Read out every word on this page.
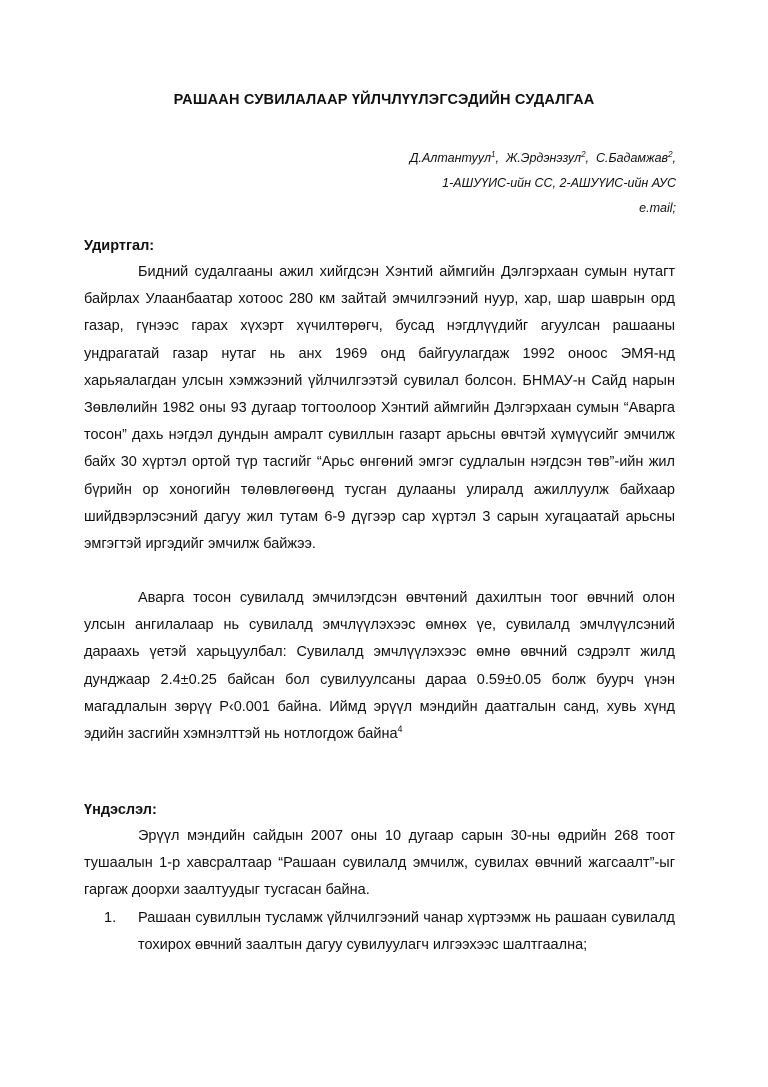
РАШААН СУВИЛАЛААР ҮЙЛЧЛҮҮЛЭГСЭДИЙН СУДАЛГАА
Д.Алтантуул$^1$,  Ж.Эрдэнэзул$^2$,  С.Бадамжав$^2$,
1-АШУҮИС-ийн СС, 2-АШУҮИС-ийн АУС
e.mail;
Удиртгал:

Бидний судалгааны ажил хийгдсэн Хэнтий аймгийн Дэлгэрхаан сумын нутагт байрлах Улаанбаатар хотоос 280 км зайтай эмчилгээний нуур, хар, шар шаврын орд газар, гүнээс гарах хүхэрт хүчилтөрөгч, бусад нэгдлүүдийг агуулсан рашааны ундрагатай газар нутаг нь анх 1969 онд байгуулагдаж 1992 оноос ЭМЯ-нд харьяалагдан улсын хэмжээний үйлчилгээтэй сувилал болсон. БНМАУ-н Сайд нарын Зөвлөлийн 1982 оны 93 дугаар тогтоолоор Хэнтий аймгийн Дэлгэрхаан сумын “Аварга тосон” дахь нэгдэл дундын амралт сувиллын газарт арьсны өвчтэй хүмүүсийг эмчилж байх 30 хүртэл ортой түр тасгийг “Арьс өнгөний эмгэг судлалын нэгдсэн төв”-ийн жил бүрийн ор хоногийн төлөвлөгөөнд тусган дулааны улиралд ажиллуулж байхаар шийдвэрлэсэний дагуу жил тутам 6-9 дүгээр сар хүртэл 3 сарын хугацаатай арьсны эмгэгтэй иргэдийг эмчилж байжээ.

Аварга тосон сувилалд эмчилэгдсэн өвчтөний дахилтын тоог өвчний олон улсын ангилалаар нь сувилалд эмчлүүлэхээс өмнөх үе, сувилалд эмчлүүлсэний дараахь үетэй харьцуулбал: Сувилалд эмчлүүлэхээс өмнө өвчний сэдрэлт жилд дунджаар 2.4±0.25 байсан бол сувилуулсаны дараа 0.59±0.05 болж буурч үнэн магадлалын зөрүү P‹0.001 байна. Иймд эрүүл мэндийн даатгалын санд, хувь хүнд эдийн засгийн хэмнэлттэй нь нотлогдож байна$^4$

Үндэслэл:

Эрүүл мэндийн сайдын 2007 оны 10 дугаар сарын 30-ны өдрийн 268 тоот тушаалын 1-р хавсралтаар “Рашаан сувилалд эмчилж, сувилах өвчний жагсаалт”-ыг гаргаж доорхи заалтуудыг тусгасан байна.

1. Рашаан сувиллын тусламж үйлчилгээний чанар хүртээмж нь рашаан сувилалд тохирох өвчний заалтын дагуу сувилуулагч илгээхээс шалтгаална;
